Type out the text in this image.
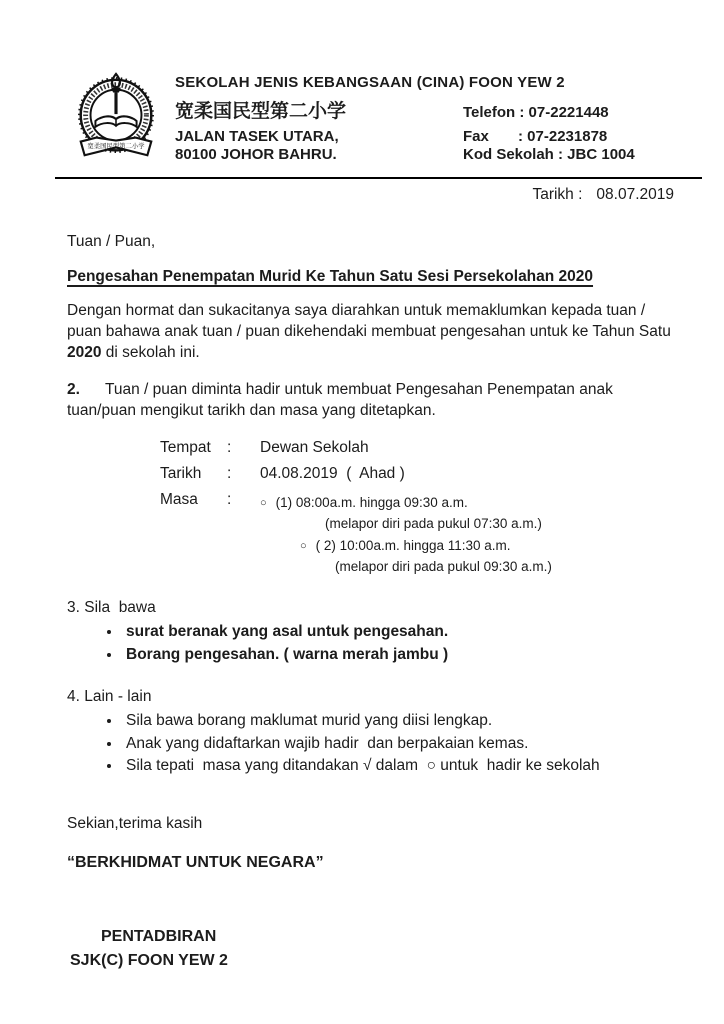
宽柔国民型第二小学
SEKOLAH JENIS KEBANGSAAN (CINA) FOON YEW 2
宽柔国民型第二小学	Telefon : 07-2221448
JALAN TASEK UTARA,	Fax       : 07-2231878
80100 JOHOR BAHRU.	Kod Sekolah : JBC 1004
Tarikh : 08.07.2019
Tuan / Puan,
Pengesahan Penempatan Murid Ke Tahun Satu Sesi Persekolahan 2020

Dengan hormat dan sukacitanya saya diarahkan untuk memaklumkan kepada tuan / puan bahawa anak tuan / puan dikehendaki membuat pengesahan untuk ke Tahun Satu 2020 di sekolah ini.

2. Tuan / puan diminta hadir untuk membuat Pengesahan Penempatan anak tuan/puan mengikut tarikh dan masa yang ditetapkan.

Tempat	:	Dewan Sekolah
Tarikh	:	04.08.2019  (  Ahad )
Masa	:	○ (1) 08:00a.m. hingga 09:30 a.m.
(melapor diri pada pukul 07:30 a.m.)
○ ( 2) 10:00a.m. hingga 11:30 a.m.
(melapor diri pada pukul 09:30 a.m.)
3. Sila  bawa
• surat beranak yang asal untuk pengesahan.
• Borang pengesahan. ( warna merah jambu )
4. Lain - lain
• Sila bawa borang maklumat murid yang diisi lengkap.
• Anak yang didaftarkan wajib hadir  dan berpakaian kemas.
• Sila tepati  masa yang ditandakan √ dalam  ○ untuk  hadir ke sekolah
Sekian,terima kasih
“BERKHIDMAT UNTUK NEGARA”
PENTADBIRAN
SJK(C) FOON YEW 2
